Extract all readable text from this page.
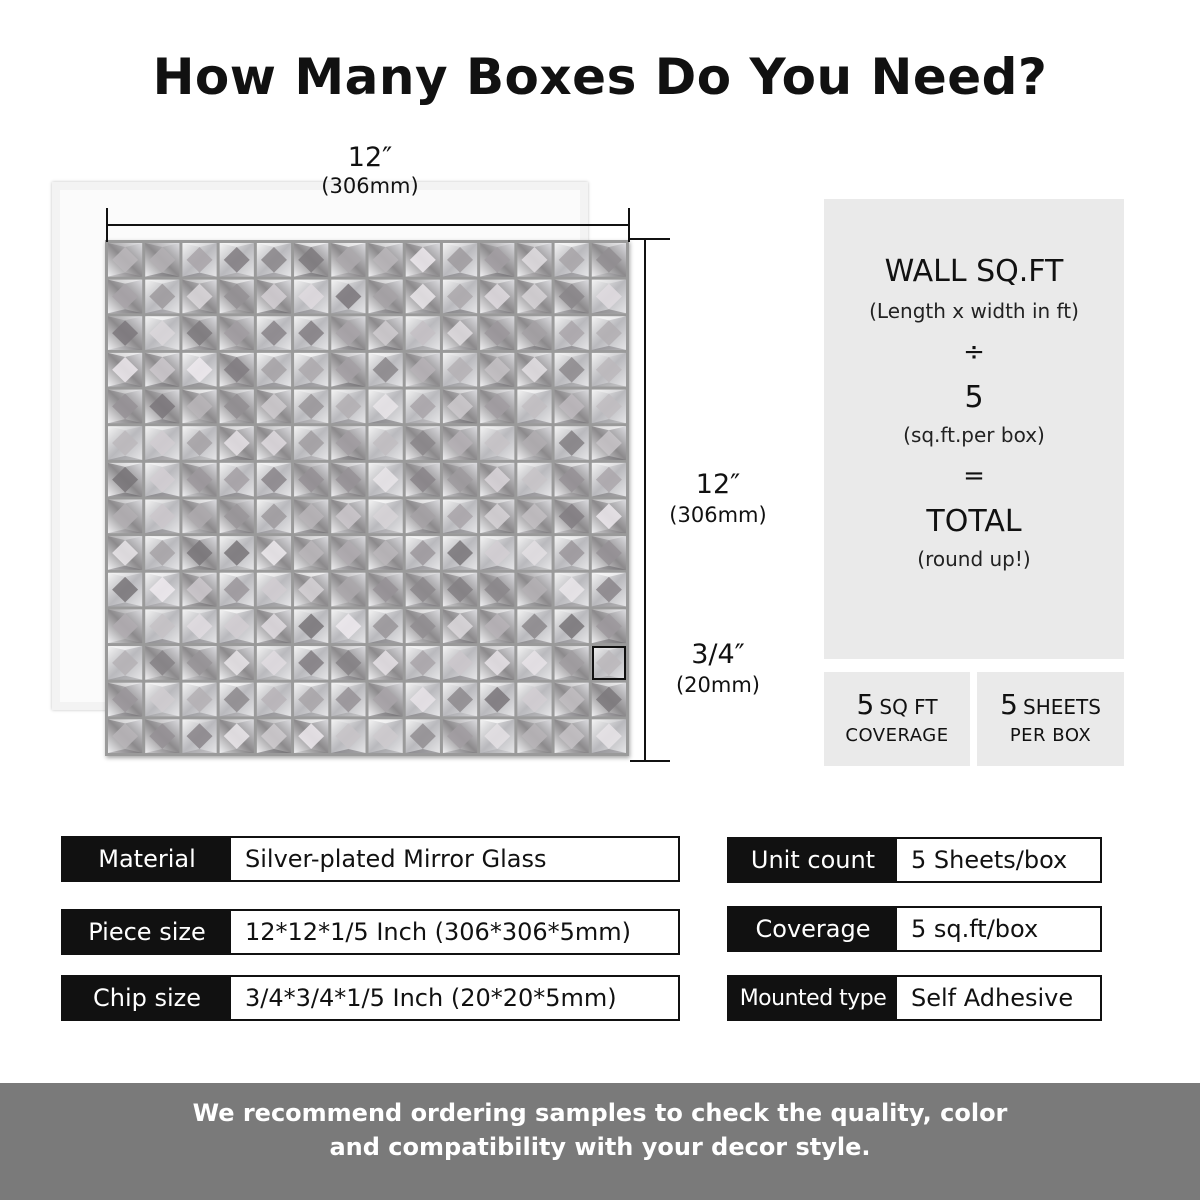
How Many Boxes Do You Need?
12″
(306mm)
12″
(306mm)
3/4″
(20mm)
WALL SQ.FT
(Length x width in ft)
÷
5
(sq.ft.per box)
=
TOTAL
(round up!)
5 SQ FT
COVERAGE
5 SHEETS
PER BOX
Material	Silver-plated Mirror Glass
Piece size	12*12*1/5 Inch (306*306*5mm)
Chip size	3/4*3/4*1/5 Inch (20*20*5mm)
Unit count	5 Sheets/box
Coverage	5 sq.ft/box
Mounted type	Self Adhesive
We recommend ordering samples to check the quality, color
and compatibility with your decor style.
